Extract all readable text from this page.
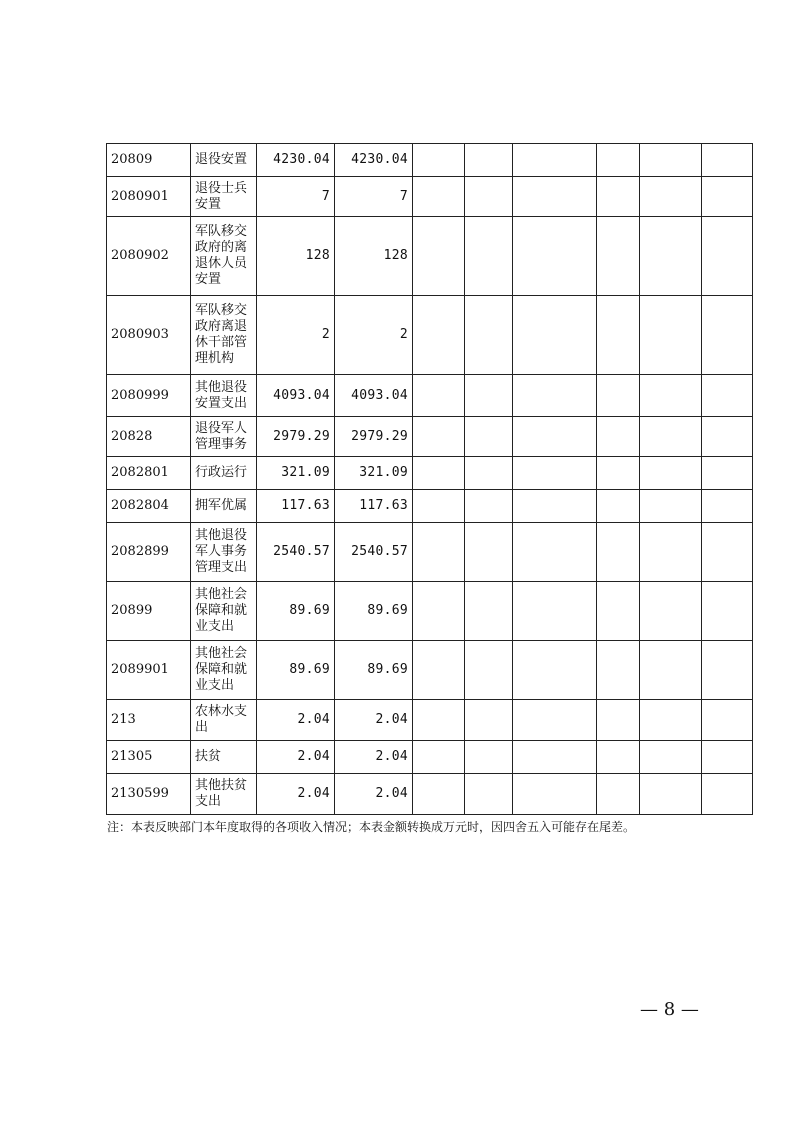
20809	退役安置	4230.04	4230.04						
2080901	退役士兵安置	7	7						
2080902	军队移交政府的离退休人员安置	128	128						
2080903	军队移交政府离退休干部管理机构	2	2						
2080999	其他退役安置支出	4093.04	4093.04						
20828	退役军人管理事务	2979.29	2979.29						
2082801	行政运行	321.09	321.09						
2082804	拥军优属	117.63	117.63						
2082899	其他退役军人事务管理支出	2540.57	2540.57						
20899	其他社会保障和就业支出	89.69	89.69						
2089901	其他社会保障和就业支出	89.69	89.69						
213	农林水支出	2.04	2.04						
21305	扶贫	2.04	2.04						
2130599	其他扶贫支出	2.04	2.04						
注：本表反映部门本年度取得的各项收入情况；本表金额转换成万元时，因四舍五入可能存在尾差。
— 8 —
